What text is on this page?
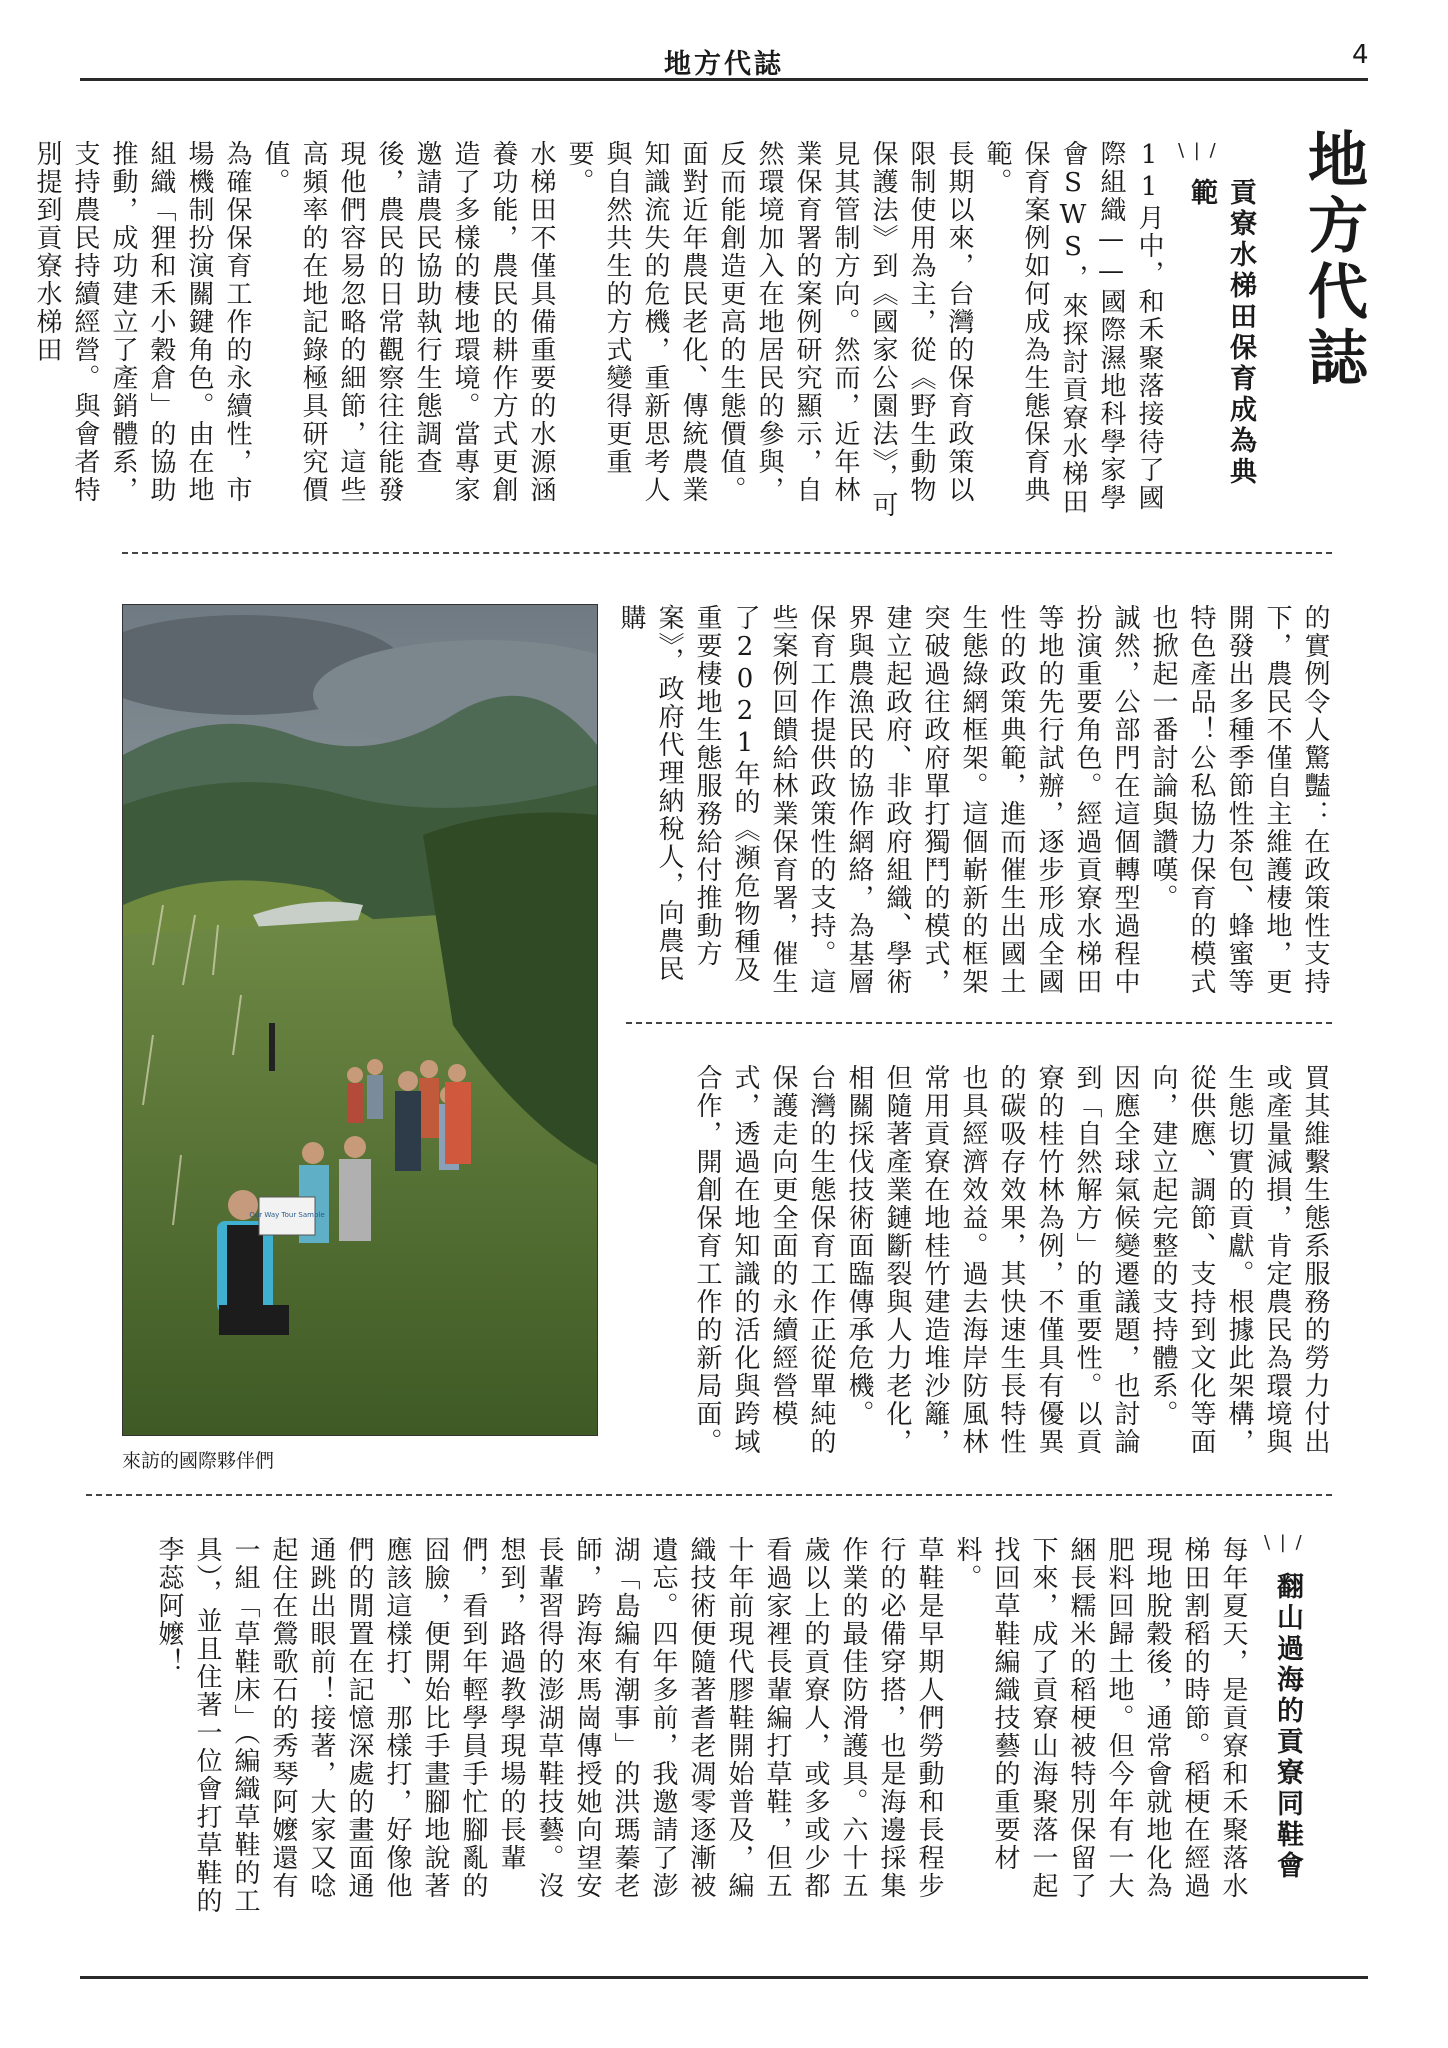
地方代誌	4
地方代誌
\ | /
貢寮水梯田保育成為典範

11月中，和禾聚落接待了國際組織——國際濕地科學家學會SWS，來探討貢寮水梯田保育案例如何成為生態保育典範。

長期以來，台灣的保育政策以限制使用為主，從《野生動物保護法》到《國家公園法》，可見其管制方向。然而，近年林業保育署的案例研究顯示，自然環境加入在地居民的參與，反而能創造更高的生態價值。面對近年農民老化、傳統農業知識流失的危機，重新思考人與自然共生的方式變得更重要。

水梯田不僅具備重要的水源涵養功能，農民的耕作方式更創造了多樣的棲地環境。當專家邀請農民協助執行生態調查後，農民的日常觀察往往能發現他們容易忽略的細節，這些高頻率的在地記錄極具研究價值。

為確保保育工作的永續性，市場機制扮演關鍵角色。由在地組織「狸和禾小穀倉」的協助推動，成功建立了產銷體系，支持農民持續經營。與會者特別提到貢寮水梯田

的實例令人驚豔：在政策性支持下，農民不僅自主維護棲地，更開發出多種季節性茶包、蜂蜜等特色產品！公私協力保育的模式也掀起一番討論與讚嘆。

誠然，公部門在這個轉型過程中扮演重要角色。經過貢寮水梯田等地的先行試辦，逐步形成全國性的政策典範，進而催生出國土生態綠網框架。這個嶄新的框架突破過往政府單打獨鬥的模式，建立起政府、非政府組織、學術界與農漁民的協作網絡，為基層保育工作提供政策性的支持。這些案例回饋給林業保育署，催生了2021年的《瀕危物種及重要棲地生態服務給付推動方案》，政府代理納稅人，向農民購

買其維繫生態系服務的勞力付出或產量減損，肯定農民為環境與生態切實的貢獻。根據此架構，從供應、調節、支持到文化等面向，建立起完整的支持體系。

因應全球氣候變遷議題，也討論到「自然解方」的重要性。以貢寮的桂竹林為例，不僅具有優異的碳吸存效果，其快速生長特性也具經濟效益。過去海岸防風林常用貢寮在地桂竹建造堆沙籬，但隨著產業鏈斷裂與人力老化，相關採伐技術面臨傳承危機。

台灣的生態保育工作正從單純的保護走向更全面的永續經營模式，透過在地知識的活化與跨域合作，開創保育工作的新局面。

Our Way Tour Sample
來訪的國際夥伴們
\ | /
翻山過海的貢寮同鞋會

每年夏天，是貢寮和禾聚落水梯田割稻的時節。稻梗在經過現地脫穀後，通常會就地化為肥料回歸土地。但今年有一大綑長糯米的稻梗被特別保留了下來，成了貢寮山海聚落一起找回草鞋編織技藝的重要材料。

草鞋是早期人們勞動和長程步行的必備穿搭，也是海邊採集作業的最佳防滑護具。六十五歲以上的貢寮人，或多或少都看過家裡長輩編打草鞋，但五十年前現代膠鞋開始普及，編織技術便隨著耆老凋零逐漸被遺忘。四年多前，我邀請了澎湖「島編有潮事」的洪瑪蓁老師，跨海來馬崗傳授她向望安長輩習得的澎湖草鞋技藝。沒想到，路過教學現場的長輩們，看到年輕學員手忙腳亂的囧臉，便開始比手畫腳地說著應該這樣打、那樣打，好像他們的閒置在記憶深處的畫面通通跳出眼前！接著，大家又唸起住在鶯歌石的秀琴阿嬤還有一組「草鞋床」（編織草鞋的工具），並且住著一位會打草鞋的李蕊阿嬤！
